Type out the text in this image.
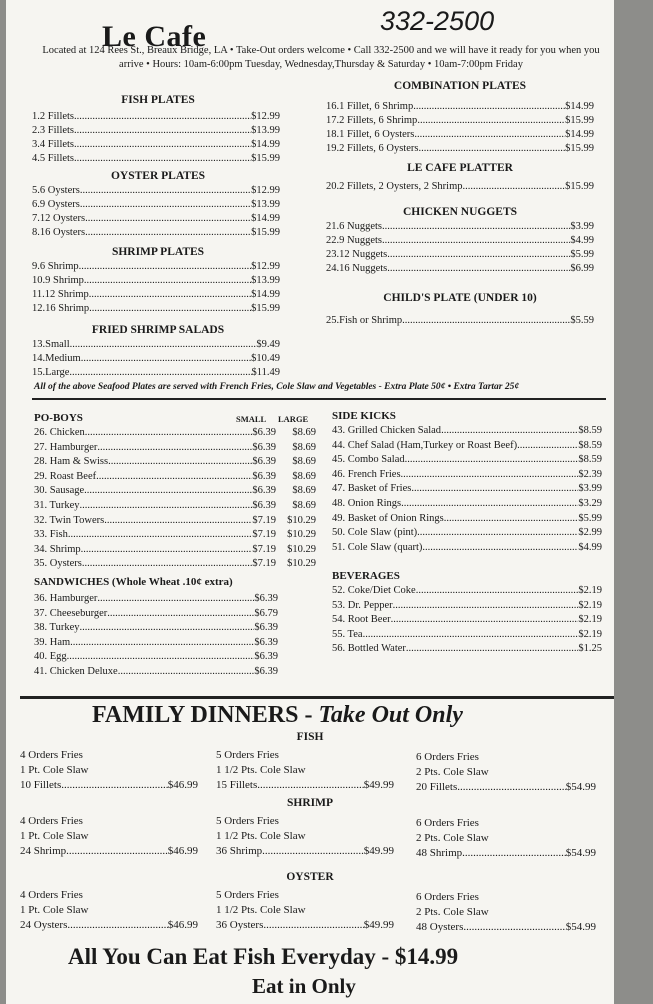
Le Cafe	332-2500
Located at 124 Rees St., Breaux Bridge, LA • Take-Out orders welcome • Call 332-2500 and we will have it ready for you when you arrive • Hours: 10am-6:00pm Tuesday, Wednesday,Thursday & Saturday • 10am-7:00pm Friday
FISH PLATES
1. 2 Fillets .....	$12.99
2. 3 Fillets .....	$13.99
3. 4 Fillets .....	$14.99
4. 5 Fillets .....	$15.99
OYSTER PLATES
5. 6 Oysters .....	$12.99
6. 9 Oysters .....	$13.99
7. 12 Oysters .....	$14.99
8. 16 Oysters .....	$15.99
SHRIMP PLATES
9. 6 Shrimp .....	$12.99
10. 9 Shrimp .....	$13.99
11. 12 Shrimp .....	$14.99
12. 16 Shrimp .....	$15.99
FRIED SHRIMP SALADS
13. Small .....	$9.49
14. Medium .....	$10.49
15. Large .....	$11.49
COMBINATION PLATES
16. 1 Fillet, 6 Shrimp .....	$14.99
17. 2 Fillets, 6 Shrimp .....	$15.99
18. 1 Fillet, 6 Oysters .....	$14.99
19. 2 Fillets, 6 Oysters .....	$15.99
LE CAFE PLATTER
20. 2 Fillets, 2 Oysters, 2 Shrimp .....	$15.99
CHICKEN NUGGETS
21. 6 Nuggets .....	$3.99
22. 9 Nuggets .....	$4.99
23. 12 Nuggets .....	$5.99
24. 16 Nuggets .....	$6.99
CHILD'S PLATE (UNDER 10)
25. Fish or Shrimp .....	$5.59
All of the above Seafood Plates are served with French Fries, Cole Slaw and Vegetables - Extra Plate 50¢ • Extra Tartar 25¢
PO-BOYS	SMALL LARGE
26. Chicken .....	$6.39	$8.69
27. Hamburger .....	$6.39	$8.69
28. Ham & Swiss .....	$6.39	$8.69
29. Roast Beef .....	$6.39	$8.69
30. Sausage .....	$6.39	$8.69
31. Turkey .....	$6.39	$8.69
32. Twin Towers .....	$7.19	$10.29
33. Fish .....	$7.19	$10.29
34. Shrimp .....	$7.19	$10.29
35. Oysters .....	$7.19	$10.29
SANDWICHES (Whole Wheat .10¢ extra)
36. Hamburger .....	$6.39
37. Cheeseburger .....	$6.79
38. Turkey .....	$6.39
39. Ham .....	$6.39
40. Egg .....	$6.39
41. Chicken Deluxe .....	$6.39
SIDE KICKS
43. Grilled Chicken Salad .....	$8.59
44. Chef Salad (Ham,Turkey or Roast Beef) .....	$8.59
45. Combo Salad .....	$8.59
46. French Fries .....	$2.39
47. Basket of Fries .....	$3.99
48. Onion Rings .....	$3.29
49. Basket of Onion Rings .....	$5.99
50. Cole Slaw (pint) .....	$2.99
51. Cole Slaw (quart) .....	$4.99
BEVERAGES
52. Coke/Diet Coke .....	$2.19
53. Dr. Pepper .....	$2.19
54. Root Beer .....	$2.19
55. Tea .....	$2.19
56. Bottled Water .....	$1.25
FAMILY DINNERS - Take Out Only
FISH
4 Orders Fries
1 Pt. Cole Slaw
10 Fillets .....	$46.99
5 Orders Fries
1 1/2 Pts. Cole Slaw
15 Fillets .....	$49.99
6 Orders Fries
2 Pts. Cole Slaw
20 Fillets .....	$54.99
SHRIMP
4 Orders Fries
1 Pt. Cole Slaw
24 Shrimp .....	$46.99
5 Orders Fries
1 1/2 Pts. Cole Slaw
36 Shrimp .....	$49.99
6 Orders Fries
2 Pts. Cole Slaw
48 Shrimp .....	$54.99
OYSTER
4 Orders Fries
1 Pt. Cole Slaw
24 Oysters .....	$46.99
5 Orders Fries
1 1/2 Pts. Cole Slaw
36 Oysters .....	$49.99
6 Orders Fries
2 Pts. Cole Slaw
48 Oysters .....	$54.99
All You Can Eat Fish Everyday - $14.99
Eat in Only
